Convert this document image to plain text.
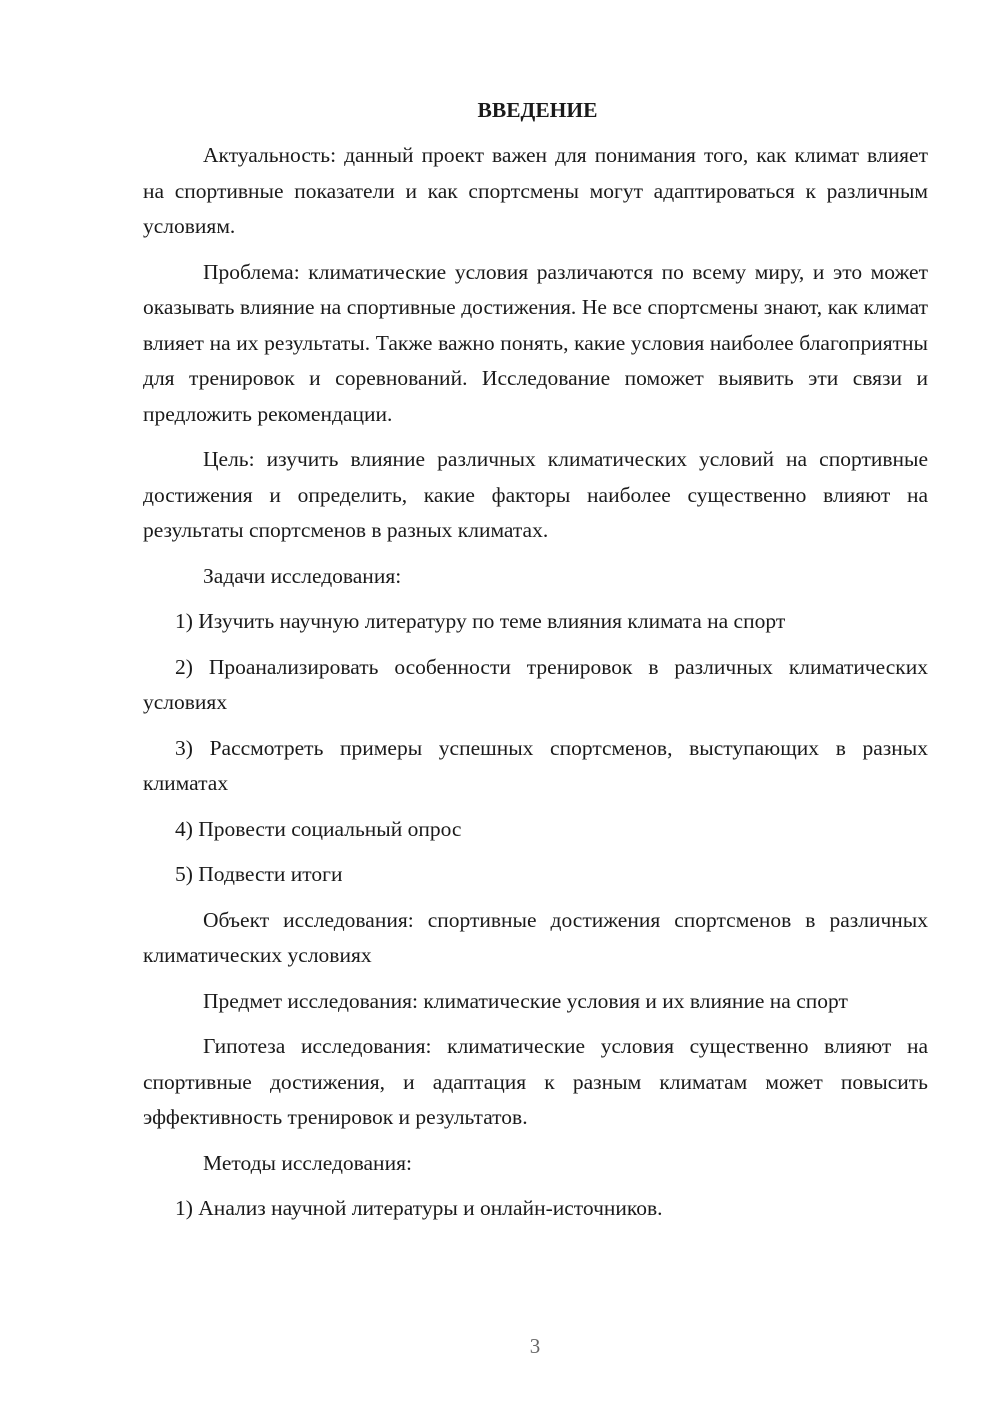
ВВЕДЕНИЕ

Актуальность: данный проект важен для понимания того, как климат влияет на спортивные показатели и как спортсмены могут адаптироваться к различным условиям.

Проблема: климатические условия различаются по всему миру, и это может оказывать влияние на спортивные достижения. Не все спортсмены знают, как климат влияет на их результаты. Также важно понять, какие условия наиболее благоприятны для тренировок и соревнований. Исследование поможет выявить эти связи и предложить рекомендации.

Цель: изучить влияние различных климатических условий на спортивные достижения и определить, какие факторы наиболее существенно влияют на результаты спортсменов в разных климатах.

Задачи исследования:

1) Изучить научную литературу по теме влияния климата на спорт

2) Проанализировать особенности тренировок в различных климатических условиях

3) Рассмотреть примеры успешных спортсменов, выступающих в разных климатах

4) Провести социальный опрос

5) Подвести итоги

Объект исследования: спортивные достижения спортсменов в различных климатических условиях

Предмет исследования: климатические условия и их влияние на спорт

Гипотеза исследования: климатические условия существенно влияют на спортивные достижения, и адаптация к разным климатам может повысить эффективность тренировок и результатов.

Методы исследования:

1) Анализ научной литературы и онлайн-источников.

3
